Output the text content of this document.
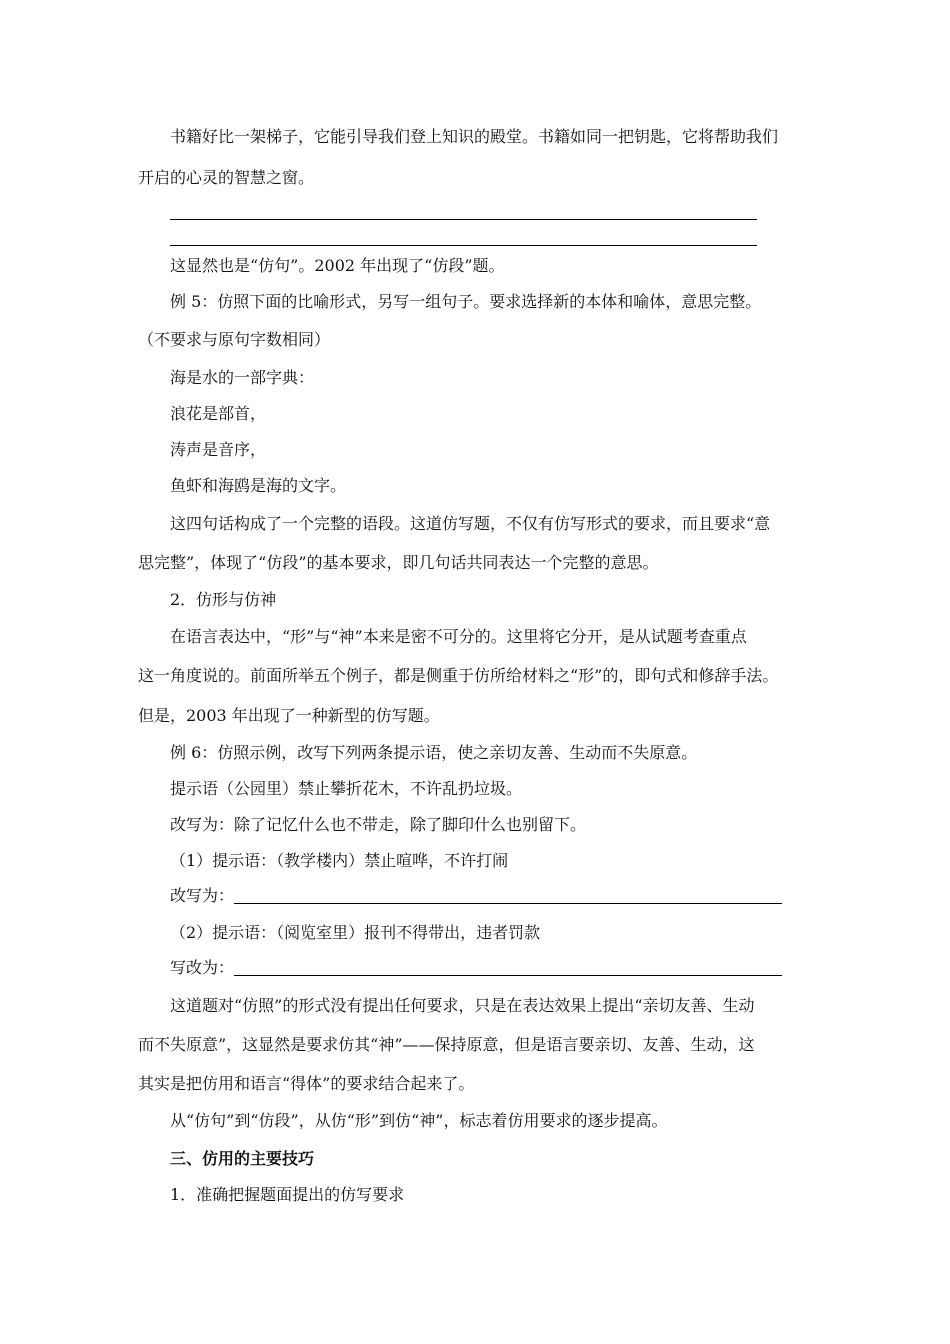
书籍好比一架梯子，它能引导我们登上知识的殿堂。书籍如同一把钥匙，它将帮助我们
开启的心灵的智慧之窗。
这显然也是“仿句”。2002 年出现了“仿段”题。
例 5：仿照下面的比喻形式，另写一组句子。要求选择新的本体和喻体，意思完整。
（不要求与原句字数相同）
海是水的一部字典：
浪花是部首，
涛声是音序，
鱼虾和海鸥是海的文字。
这四句话构成了一个完整的语段。这道仿写题，不仅有仿写形式的要求，而且要求“意
思完整”，体现了“仿段”的基本要求，即几句话共同表达一个完整的意思。
2．仿形与仿神
在语言表达中，“形”与“神”本来是密不可分的。这里将它分开，是从试题考查重点
这一角度说的。前面所举五个例子，都是侧重于仿所给材料之“形”的，即句式和修辞手法。
但是，2003 年出现了一种新型的仿写题。
例 6：仿照示例，改写下列两条提示语，使之亲切友善、生动而不失原意。
提示语（公园里）禁止攀折花木，不许乱扔垃圾。
改写为：除了记忆什么也不带走，除了脚印什么也别留下。
（1）提示语：（教学楼内）禁止喧哗，不许打闹
改写为：
（2）提示语：（阅览室里）报刊不得带出，违者罚款
写改为：
这道题对“仿照”的形式没有提出任何要求，只是在表达效果上提出“亲切友善、生动
而不失原意”，这显然是要求仿其“神”——保持原意，但是语言要亲切、友善、生动，这
其实是把仿用和语言“得体”的要求结合起来了。
从“仿句”到“仿段”，从仿“形”到仿“神”，标志着仿用要求的逐步提高。
三、仿用的主要技巧
1．准确把握题面提出的仿写要求
